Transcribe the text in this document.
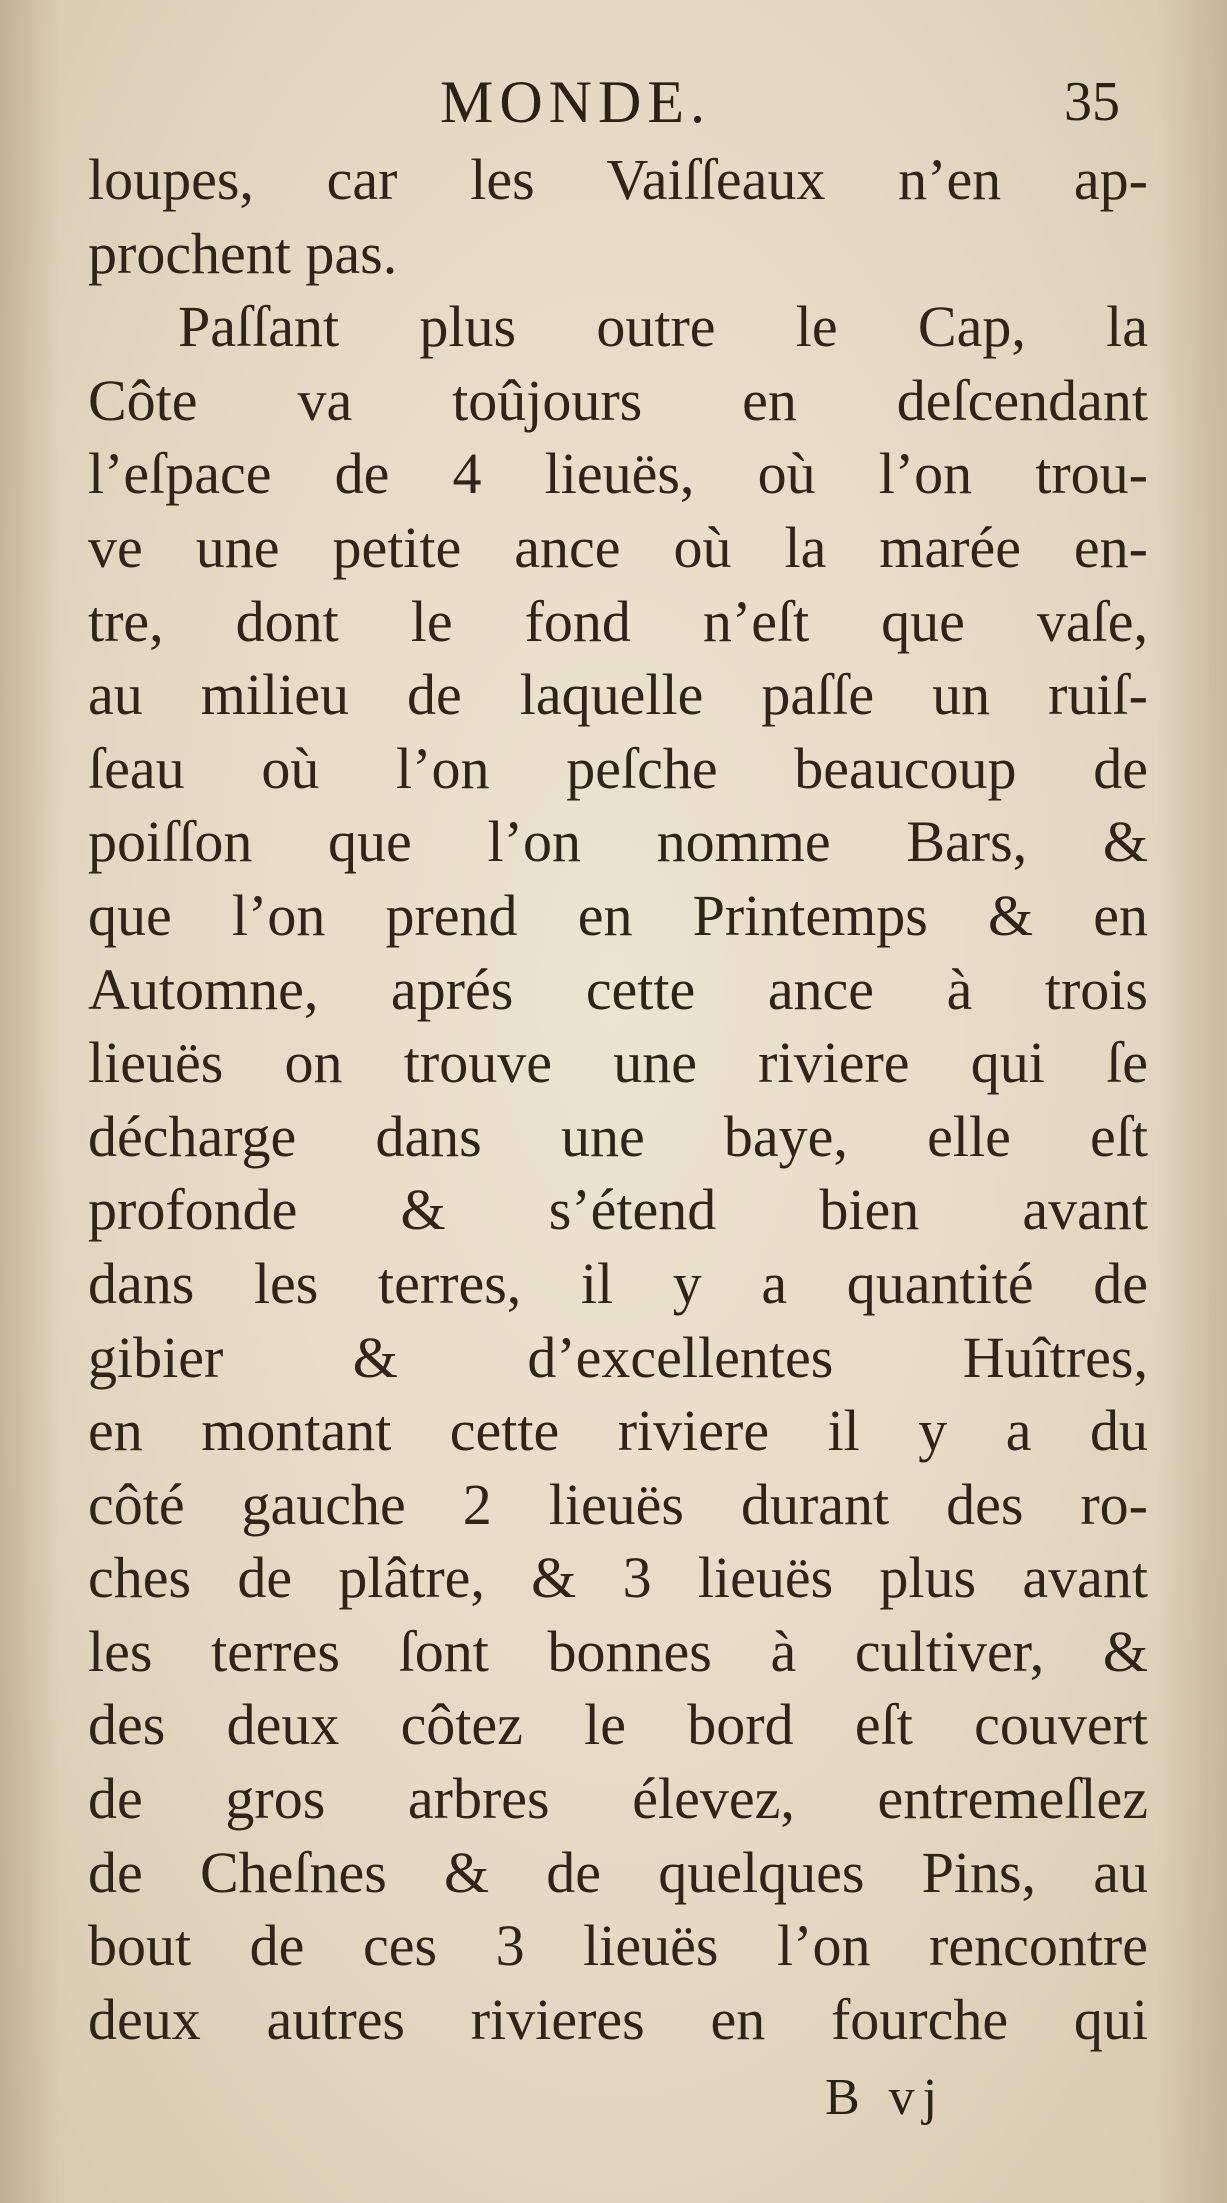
MONDE.	35
loupes, car les Vaiſſeaux n’en ap-
prochent pas.
Paſſant plus outre le Cap, la
Côte va toûjours en deſcendant
l’eſpace de 4 lieuës, où l’on trou-
ve une petite ance où la marée en-
tre, dont le fond n’eſt que vaſe,
au milieu de laquelle paſſe un ruiſ-
ſeau où l’on peſche beaucoup de
poiſſon que l’on nomme Bars, &
que l’on prend en Printemps & en
Automne, aprés cette ance à trois
lieuës on trouve une riviere qui ſe
décharge dans une baye, elle eſt
profonde & s’étend bien avant
dans les terres, il y a quantité de
gibier & d’excellentes Huîtres,
en montant cette riviere il y a du
côté gauche 2 lieuës durant des ro-
ches de plâtre, & 3 lieuës plus avant
les terres ſont bonnes à cultiver, &
des deux côtez le bord eſt couvert
de gros arbres élevez, entremeſlez
de Cheſnes & de quelques Pins, au
bout de ces 3 lieuës l’on rencontre
deux autres rivieres en fourche qui
B vj
